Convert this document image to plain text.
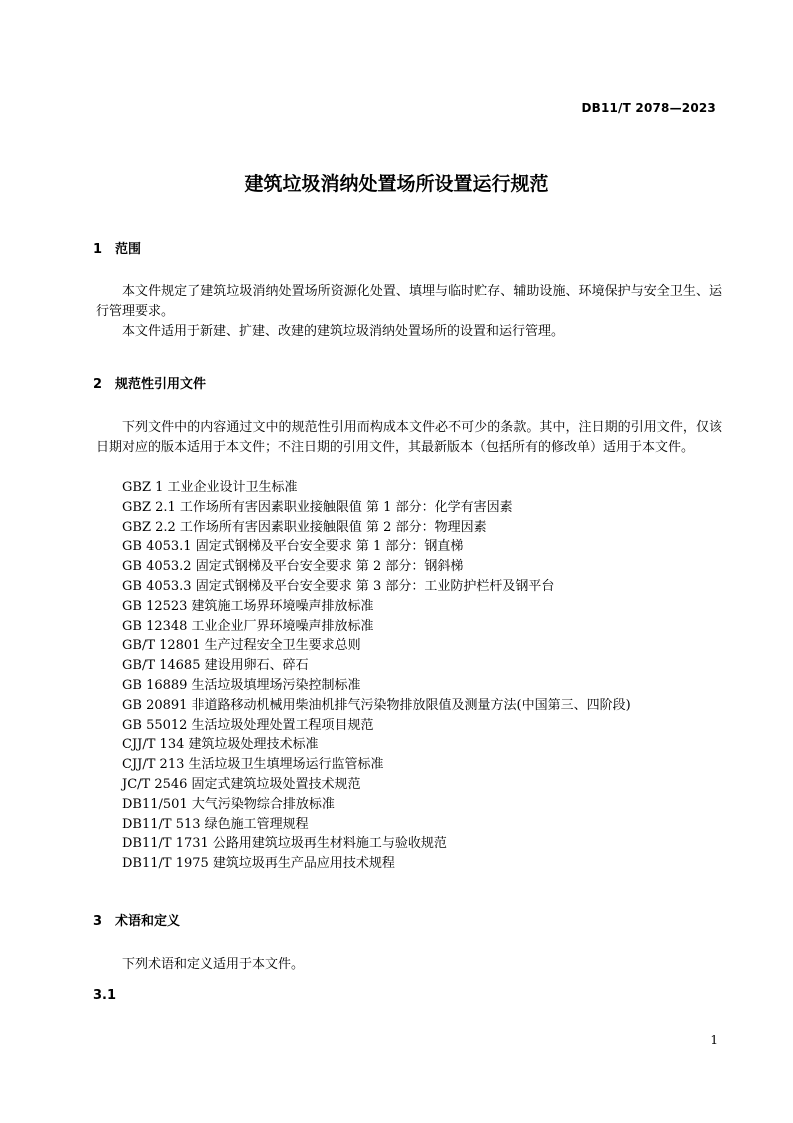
DB11/T 2078—2023
建筑垃圾消纳处置场所设置运行规范
1 范围

本文件规定了建筑垃圾消纳处置场所资源化处置、填埋与临时贮存、辅助设施、环境保护与安全卫生、运行管理要求。

本文件适用于新建、扩建、改建的建筑垃圾消纳处置场所的设置和运行管理。

2 规范性引用文件

下列文件中的内容通过文中的规范性引用而构成本文件必不可少的条款。其中，注日期的引用文件，仅该日期对应的版本适用于本文件；不注日期的引用文件，其最新版本（包括所有的修改单）适用于本文件。

GBZ 1 工业企业设计卫生标准
GBZ 2.1 工作场所有害因素职业接触限值 第 1 部分：化学有害因素
GBZ 2.2 工作场所有害因素职业接触限值 第 2 部分：物理因素
GB 4053.1 固定式钢梯及平台安全要求 第 1 部分：钢直梯
GB 4053.2 固定式钢梯及平台安全要求 第 2 部分：钢斜梯
GB 4053.3 固定式钢梯及平台安全要求 第 3 部分：工业防护栏杆及钢平台
GB 12523 建筑施工场界环境噪声排放标准
GB 12348 工业企业厂界环境噪声排放标准
GB/T 12801 生产过程安全卫生要求总则
GB/T 14685 建设用卵石、碎石
GB 16889 生活垃圾填埋场污染控制标准
GB 20891 非道路移动机械用柴油机排气污染物排放限值及测量方法(中国第三、四阶段)
GB 55012 生活垃圾处理处置工程项目规范
CJJ/T 134 建筑垃圾处理技术标准
CJJ/T 213 生活垃圾卫生填埋场运行监管标准
JC/T 2546 固定式建筑垃圾处置技术规范
DB11/501 大气污染物综合排放标准
DB11/T 513 绿色施工管理规程
DB11/T 1731 公路用建筑垃圾再生材料施工与验收规范
DB11/T 1975 建筑垃圾再生产品应用技术规程
3 术语和定义

下列术语和定义适用于本文件。

3.1
1
